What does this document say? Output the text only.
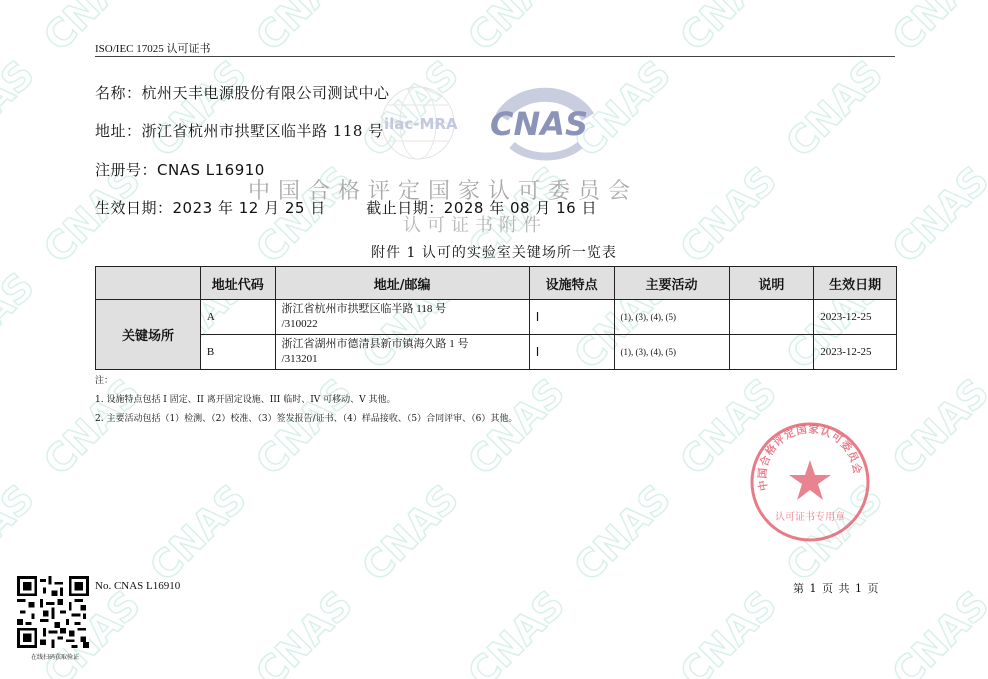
ISO/IEC 17025 认可证书
名称：杭州天丰电源股份有限公司测试中心
地址：浙江省杭州市拱墅区临半路 118 号
注册号：CNAS L16910
生效日期：2023 年 12 月 25 日	截止日期：2028 年 08 月 16 日
ilac-MRA CNAS
中国合格评定国家认可委员会
认可证书附件
附件 1 认可的实验室关键场所一览表
	地址代码	地址/邮编	设施特点	主要活动	说明	生效日期
关键场所	A	浙江省杭州市拱墅区临半路 118 号
/310022	I	(1), (3), (4), (5)		2023-12-25
	B	浙江省湖州市德清县新市镇海久路 1 号
/313201	I	(1), (3), (4), (5)		2023-12-25
注：
1. 设施特点包括 I 固定、II 离开固定设施、III 临时、IV 可移动、V 其他。
2. 主要活动包括（1）检测、（2）校准、（3）签发报告/证书、（4）样品接收、（5）合同评审、（6）其他。
中国合格评定国家认可委员会
认可证书专用章
在线扫码获取验证
No. CNAS L16910	第 1 页 共 1 页
